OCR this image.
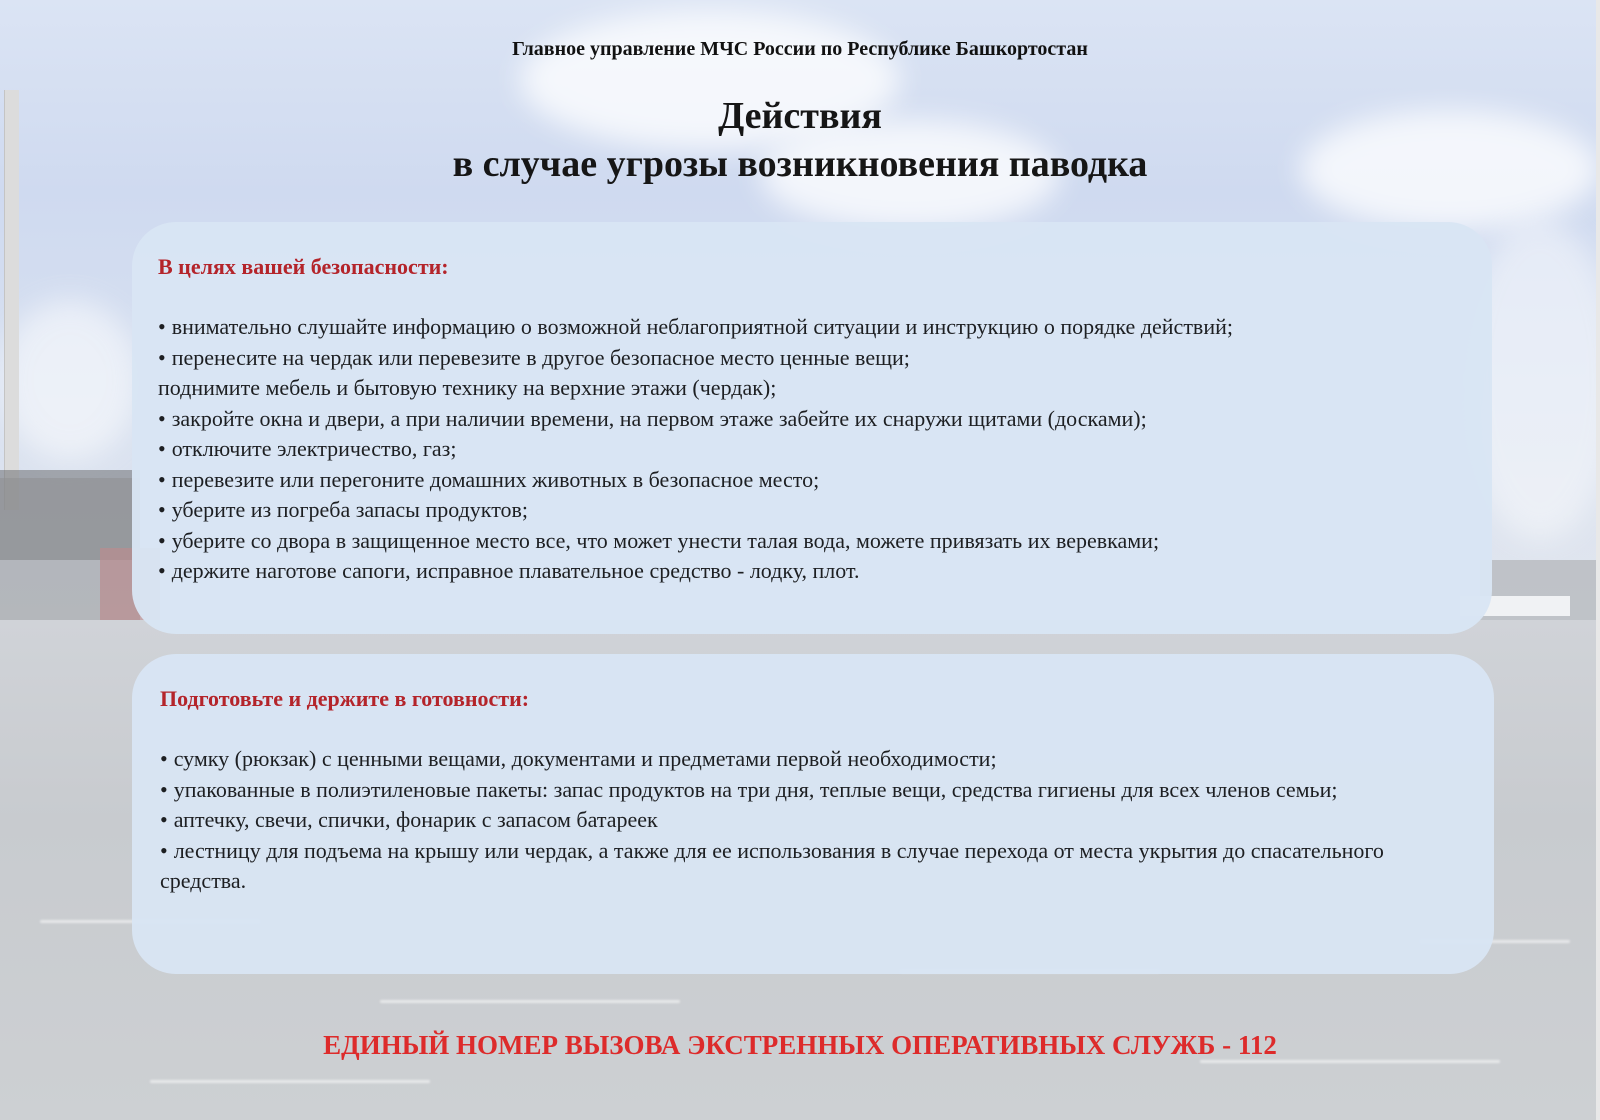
Главное управление МЧС России по Республике Башкортостан
Действия
в случае угрозы возникновения паводка
В целях вашей безопасности:

• внимательно слушайте информацию о возможной неблагоприятной ситуации и инструкцию о порядке действий;

• перенесите на чердак или перевезите в другое безопасное место ценные вещи;

поднимите мебель и бытовую технику на верхние этажи (чердак);

• закройте окна и двери, а при наличии времени, на первом этаже забейте их снаружи щитами (досками);

• отключите электричество, газ;

• перевезите или перегоните домашних животных в безопасное место;

• уберите из погреба запасы продуктов;

• уберите со двора в защищенное место все, что может унести талая вода, можете привязать их веревками;

• держите наготове сапоги, исправное плавательное средство - лодку, плот.

Подготовьте и держите в готовности:

• сумку (рюкзак) с ценными вещами, документами и предметами первой необходимости;

• упакованные в полиэтиленовые пакеты: запас продуктов на три дня, теплые вещи, средства гигиены для всех членов семьи;

• аптечку, свечи, спички, фонарик с запасом батареек

• лестницу для подъема на крышу или чердак, а также для ее использования в случае перехода от места укрытия до спасательного средства.

ЕДИНЫЙ НОМЕР ВЫЗОВА ЭКСТРЕННЫХ ОПЕРАТИВНЫХ СЛУЖБ - 112
